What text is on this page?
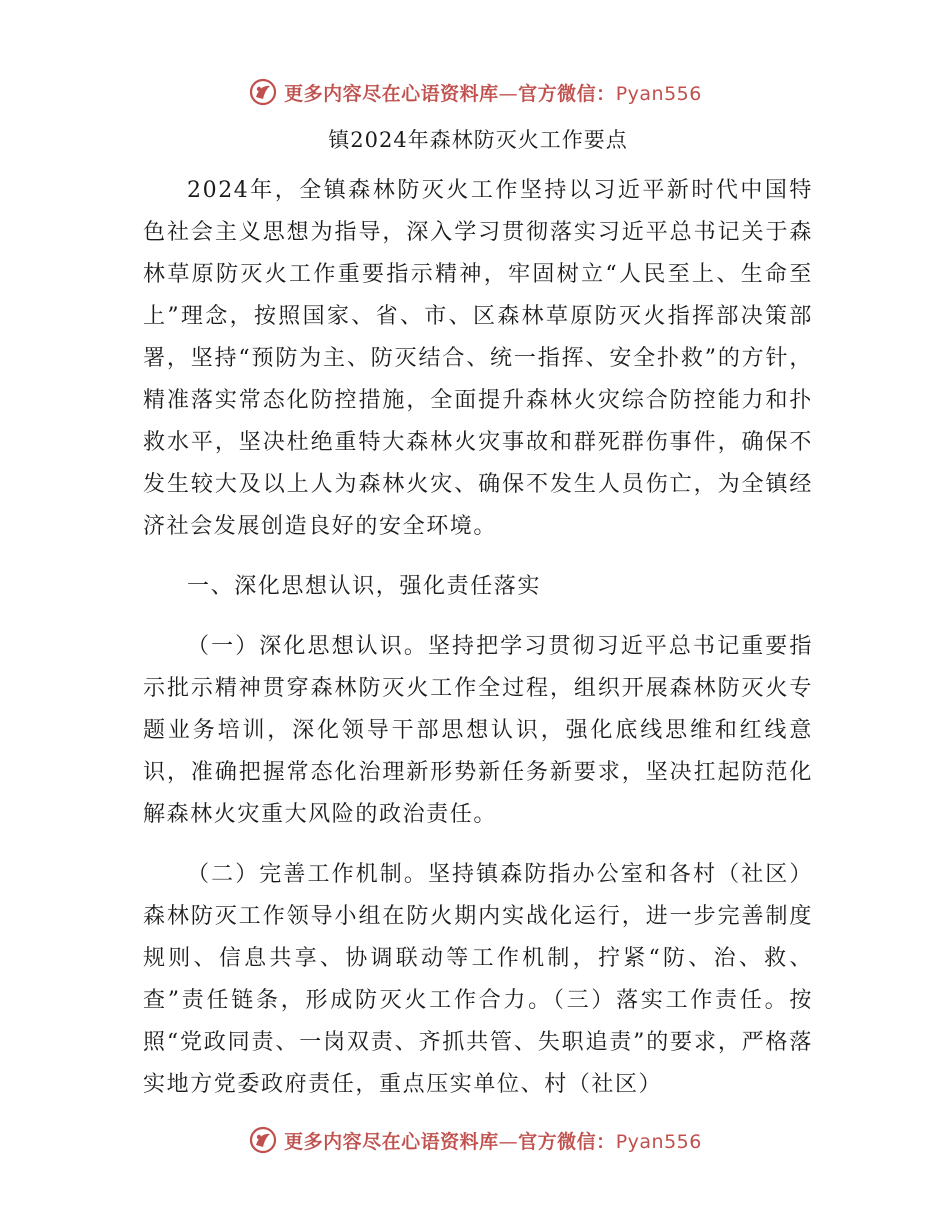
更多内容尽在心语资料库—官方微信：Pyan556
镇2024年森林防灭火工作要点

2024年，全镇森林防灭火工作坚持以习近平新时代中国特色社会主义思想为指导，深入学习贯彻落实习近平总书记关于森林草原防灭火工作重要指示精神，牢固树立“人民至上、生命至上”理念，按照国家、省、市、区森林草原防灭火指挥部决策部署，坚持“预防为主、防灭结合、统一指挥、安全扑救”的方针，精准落实常态化防控措施，全面提升森林火灾综合防控能力和扑救水平，坚决杜绝重特大森林火灾事故和群死群伤事件，确保不发生较大及以上人为森林火灾、确保不发生人员伤亡，为全镇经济社会发展创造良好的安全环境。

一、深化思想认识，强化责任落实

（一）深化思想认识。坚持把学习贯彻习近平总书记重要指示批示精神贯穿森林防灭火工作全过程，组织开展森林防灭火专题业务培训，深化领导干部思想认识，强化底线思维和红线意识，准确把握常态化治理新形势新任务新要求，坚决扛起防范化解森林火灾重大风险的政治责任。

（二）完善工作机制。坚持镇森防指办公室和各村（社区）森林防灭工作领导小组在防火期内实战化运行，进一步完善制度规则、信息共享、协调联动等工作机制，拧紧“防、治、救、查”责任链条，形成防灭火工作合力。（三）落实工作责任。按照“党政同责、一岗双责、齐抓共管、失职追责”的要求，严格落实地方党委政府责任，重点压实单位、村（社区）

更多内容尽在心语资料库—官方微信：Pyan556
